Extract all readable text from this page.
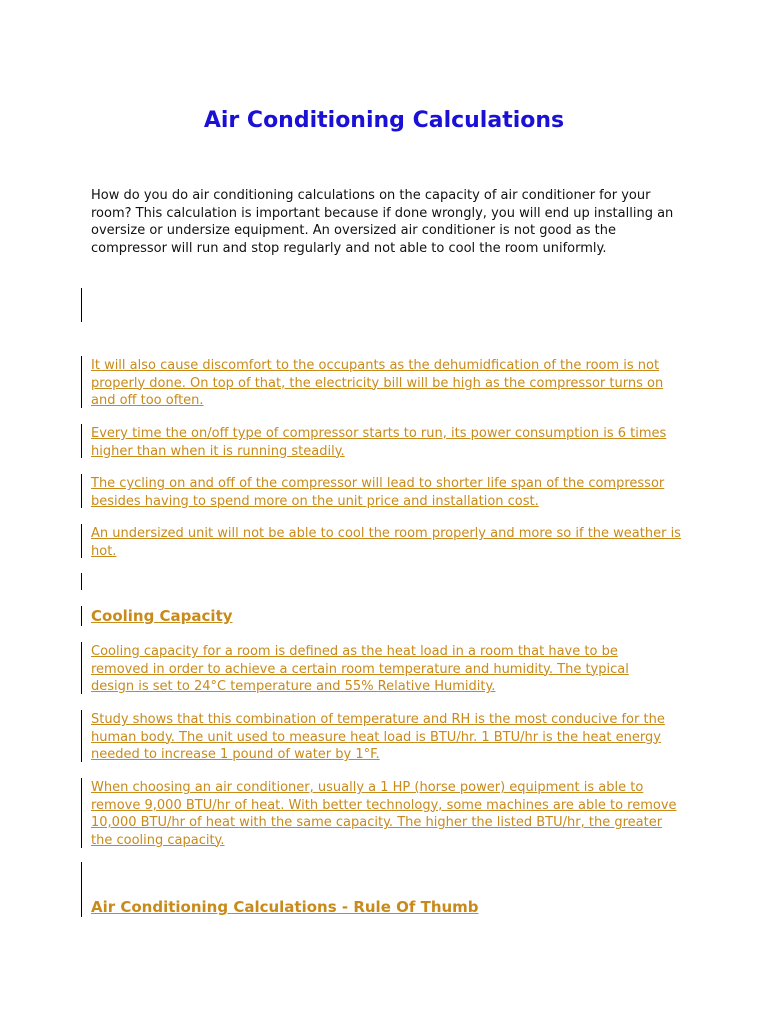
Air Conditioning Calculations
How do you do air conditioning calculations on the capacity of air conditioner for your room? This calculation is important because if done wrongly, you will end up installing an oversize or undersize equipment. An oversized air conditioner is not good as the compressor will run and stop regularly and not able to cool the room uniformly.
It will also cause discomfort to the occupants as the dehumidfication of the room is not properly done. On top of that, the electricity bill will be high as the compressor turns on and off too often.
Every time the on/off type of compressor starts to run, its power consumption is 6 times higher than when it is running steadily.
The cycling on and off of the compressor will lead to shorter life span of the compressor besides having to spend more on the unit price and installation cost.
An undersized unit will not be able to cool the room properly and more so if the weather is hot.
Cooling Capacity
Cooling capacity for a room is defined as the heat load in a room that have to be removed in order to achieve a certain room temperature and humidity. The typical design is set to 24°C temperature and 55% Relative Humidity.
Study shows that this combination of temperature and RH is the most conducive for the human body. The unit used to measure heat load is BTU/hr. 1 BTU/hr is the heat energy needed to increase 1 pound of water by 1°F.
When choosing an air conditioner, usually a 1 HP (horse power) equipment is able to remove 9,000 BTU/hr of heat. With better technology, some machines are able to remove 10,000 BTU/hr of heat with the same capacity. The higher the listed BTU/hr, the greater the cooling capacity.
Air Conditioning Calculations - Rule Of Thumb
